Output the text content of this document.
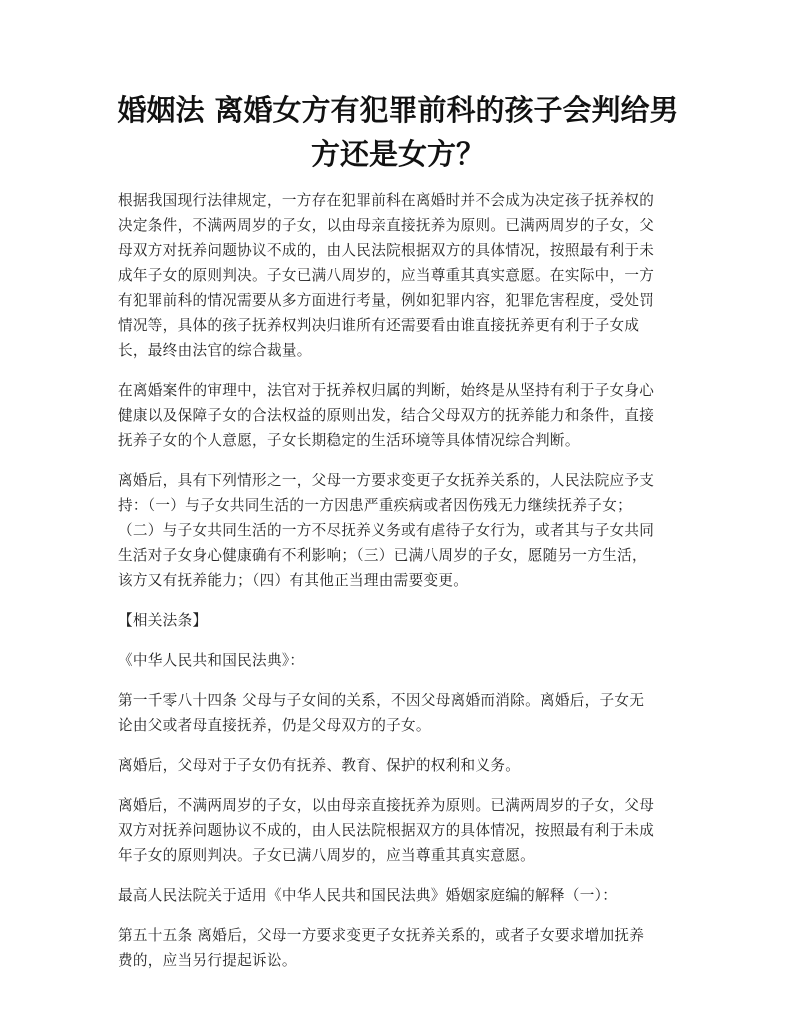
婚姻法 离婚女方有犯罪前科的孩子会判给男
方还是女方？

根据我国现行法律规定，一方存在犯罪前科在离婚时并不会成为决定孩子抚养权的
决定条件，不满两周岁的子女，以由母亲直接抚养为原则。已满两周岁的子女，父
母双方对抚养问题协议不成的，由人民法院根据双方的具体情况，按照最有利于未
成年子女的原则判决。子女已满八周岁的，应当尊重其真实意愿。在实际中，一方
有犯罪前科的情况需要从多方面进行考量，例如犯罪内容，犯罪危害程度，受处罚
情况等，具体的孩子抚养权判决归谁所有还需要看由谁直接抚养更有利于子女成
长，最终由法官的综合裁量。

在离婚案件的审理中，法官对于抚养权归属的判断，始终是从坚持有利于子女身心
健康以及保障子女的合法权益的原则出发，结合父母双方的抚养能力和条件，直接
抚养子女的个人意愿，子女长期稳定的生活环境等具体情况综合判断。

离婚后，具有下列情形之一，父母一方要求变更子女抚养关系的，人民法院应予支
持：（一）与子女共同生活的一方因患严重疾病或者因伤残无力继续抚养子女；
（二）与子女共同生活的一方不尽抚养义务或有虐待子女行为，或者其与子女共同
生活对子女身心健康确有不利影响；（三）已满八周岁的子女，愿随另一方生活，
该方又有抚养能力；（四）有其他正当理由需要变更。

【相关法条】

《中华人民共和国民法典》：

第一千零八十四条 父母与子女间的关系，不因父母离婚而消除。离婚后，子女无
论由父或者母直接抚养，仍是父母双方的子女。

离婚后，父母对于子女仍有抚养、教育、保护的权利和义务。

离婚后，不满两周岁的子女，以由母亲直接抚养为原则。已满两周岁的子女，父母
双方对抚养问题协议不成的，由人民法院根据双方的具体情况，按照最有利于未成
年子女的原则判决。子女已满八周岁的，应当尊重其真实意愿。

最高人民法院关于适用《中华人民共和国民法典》婚姻家庭编的解释（一）：

第五十五条 离婚后，父母一方要求变更子女抚养关系的，或者子女要求增加抚养
费的，应当另行提起诉讼。
